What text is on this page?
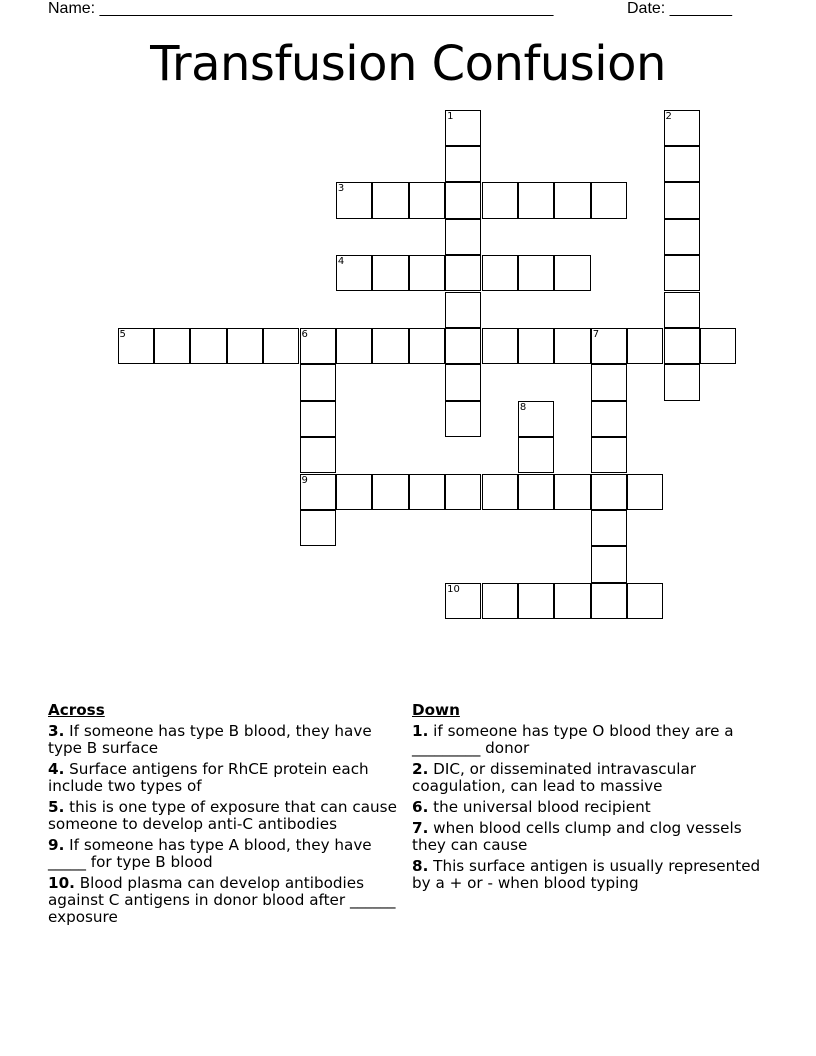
Name: ___________________________________________________	Date: _______
Transfusion Confusion
1	2
3
4
5	6	7
9
8
10
Across
3. If someone has type B blood, they have type B surface
4. Surface antigens for RhCE protein each include two types of
5. this is one type of exposure that can cause someone to develop anti-C antibodies
9. If someone has type A blood, they have _____ for type B blood
10. Blood plasma can develop antibodies against C antigens in donor blood after ______ exposure
Down
1. if someone has type O blood they are a _________ donor
2. DIC, or disseminated intravascular coagulation, can lead to massive
6. the universal blood recipient
7. when blood cells clump and clog vessels they can cause
8. This surface antigen is usually represented by a + or - when blood typing
